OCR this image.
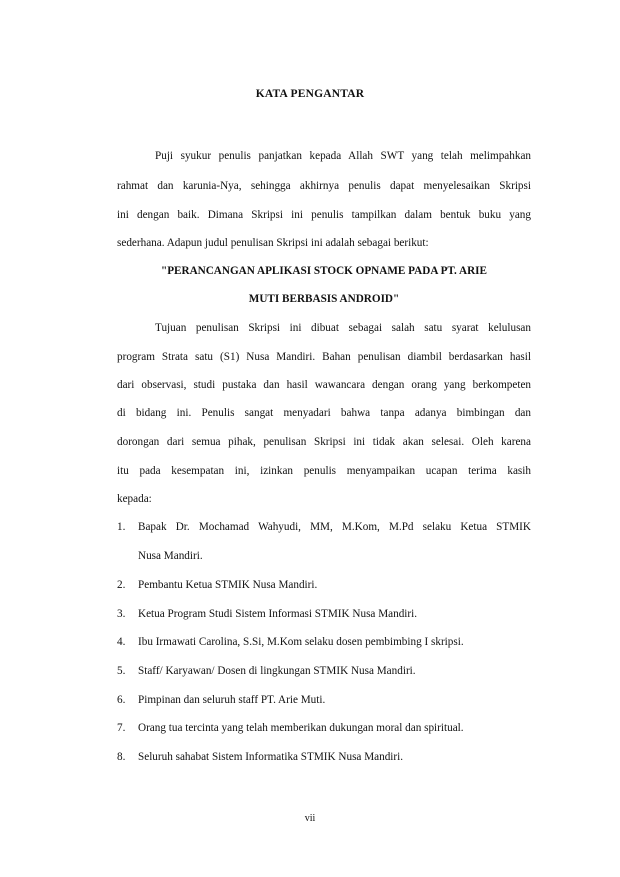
KATA PENGANTAR
Puji syukur penulis panjatkan kepada Allah SWT yang telah melimpahkan
rahmat dan karunia-Nya, sehingga akhirnya penulis dapat menyelesaikan Skripsi
ini dengan baik. Dimana Skripsi ini penulis tampilkan dalam bentuk buku yang
sederhana. Adapun judul penulisan Skripsi ini adalah sebagai berikut:
"PERANCANGAN APLIKASI STOCK OPNAME PADA PT. ARIE
MUTI BERBASIS ANDROID"
Tujuan penulisan Skripsi ini dibuat sebagai salah satu syarat kelulusan
program Strata satu (S1) Nusa Mandiri. Bahan penulisan diambil berdasarkan hasil
dari observasi, studi pustaka dan hasil wawancara dengan orang yang berkompeten
di bidang ini. Penulis sangat menyadari bahwa tanpa adanya bimbingan dan
dorongan dari semua pihak, penulisan Skripsi ini tidak akan selesai. Oleh karena
itu pada kesempatan ini, izinkan penulis menyampaikan ucapan terima kasih
kepada:
1. Bapak Dr. Mochamad Wahyudi, MM, M.Kom, M.Pd selaku Ketua STMIK
Nusa Mandiri.
2. Pembantu Ketua STMIK Nusa Mandiri.
3. Ketua Program Studi Sistem Informasi STMIK Nusa Mandiri.
4. Ibu Irmawati Carolina, S.Si, M.Kom selaku dosen pembimbing I skripsi.
5. Staff/ Karyawan/ Dosen di lingkungan STMIK Nusa Mandiri.
6. Pimpinan dan seluruh staff PT. Arie Muti.
7. Orang tua tercinta yang telah memberikan dukungan moral dan spiritual.
8. Seluruh sahabat Sistem Informatika STMIK Nusa Mandiri.
vii
